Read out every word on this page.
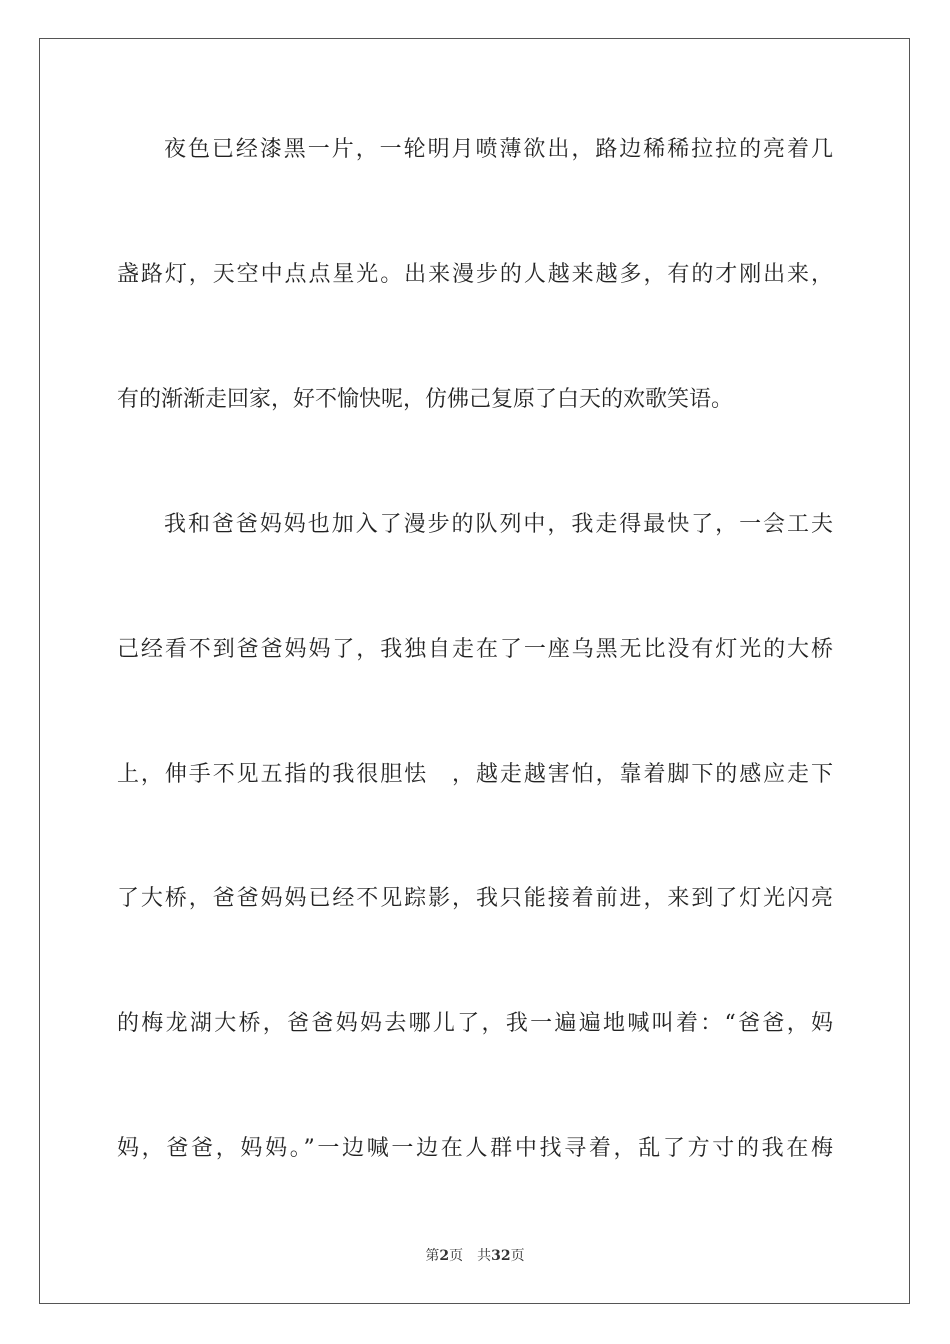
夜色已经漆黑一片，一轮明月喷薄欲出，路边稀稀拉拉的亮着几
盏路灯，天空中点点星光。出来漫步的人越来越多，有的才刚出来，
有的渐渐走回家，好不愉快呢，仿佛己复原了白天的欢歌笑语。
我和爸爸妈妈也加入了漫步的队列中，我走得最快了，一会工夫
己经看不到爸爸妈妈了，我独自走在了一座乌黑无比没有灯光的大桥
上，伸手不见五指的我很胆怯　，越走越害怕，靠着脚下的感应走下
了大桥，爸爸妈妈已经不见踪影，我只能接着前进，来到了灯光闪亮
的梅龙湖大桥，爸爸妈妈去哪儿了，我一遍遍地喊叫着：“爸爸，妈
妈，爸爸，妈妈。”一边喊一边在人群中找寻着，乱了方寸的我在梅
第2页 共32页
